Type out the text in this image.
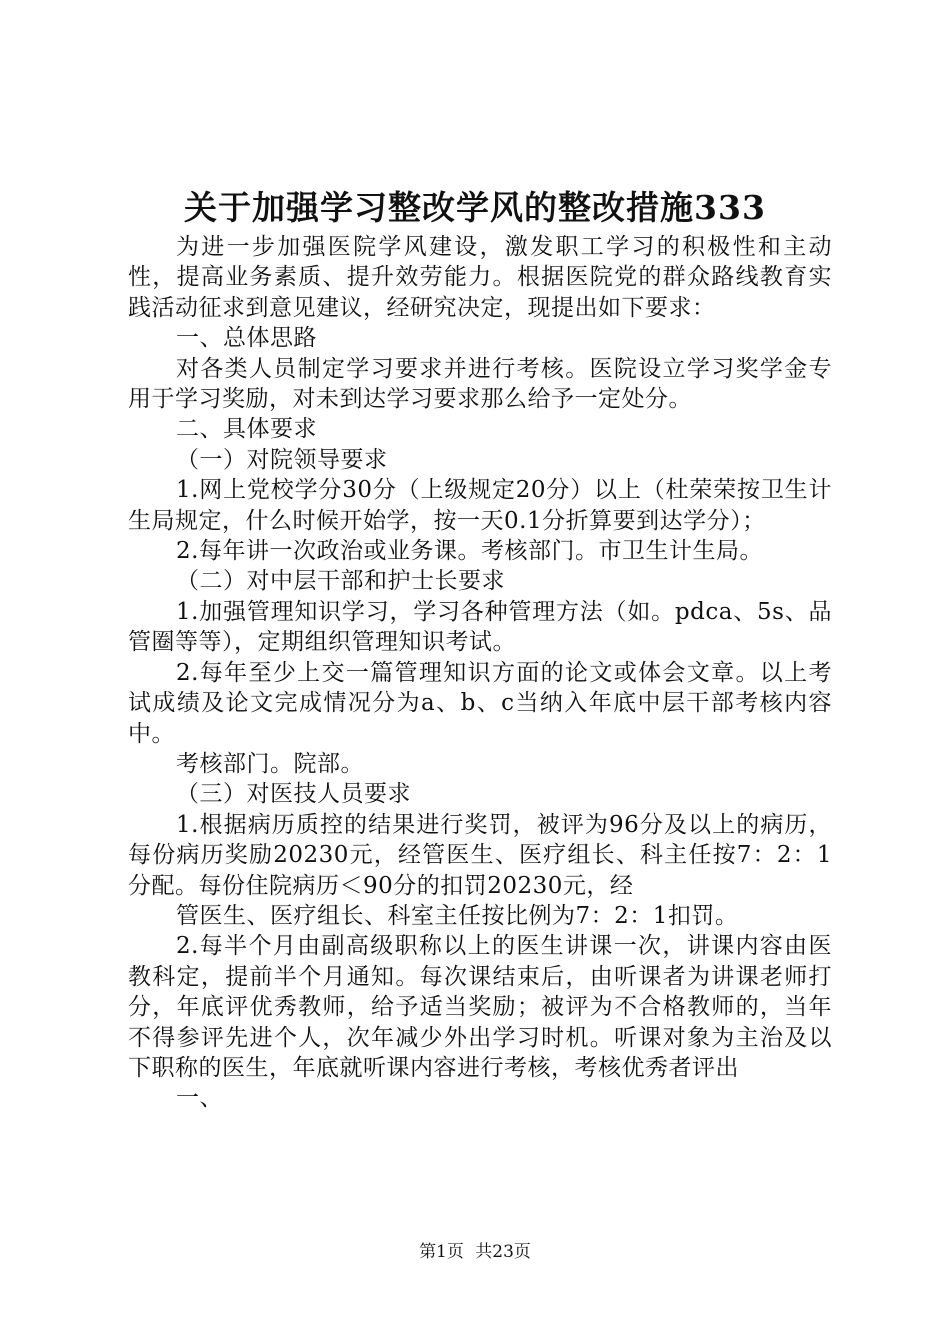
关于加强学习整改学风的整改措施333

为进一步加强医院学风建设，激发职工学习的积极性和主动性，提高业务素质、提升效劳能力。根据医院党的群众路线教育实践活动征求到意见建议，经研究决定，现提出如下要求：

一、总体思路

对各类人员制定学习要求并进行考核。医院设立学习奖学金专用于学习奖励，对未到达学习要求那么给予一定处分。

二、具体要求

（一）对院领导要求

1.网上党校学分30分（上级规定20分）以上（杜荣荣按卫生计生局规定，什么时候开始学，按一天0.1分折算要到达学分）；

2.每年讲一次政治或业务课。考核部门。市卫生计生局。

（二）对中层干部和护士长要求

1.加强管理知识学习，学习各种管理方法（如。pdca、5s、品管圈等等），定期组织管理知识考试。

2.每年至少上交一篇管理知识方面的论文或体会文章。以上考试成绩及论文完成情况分为a、b、c当纳入年底中层干部考核内容中。

考核部门。院部。

（三）对医技人员要求

1.根据病历质控的结果进行奖罚，被评为96分及以上的病历，每份病历奖励20230元，经管医生、医疗组长、科主任按7：2：1分配。每份住院病历＜90分的扣罚20230元，经

管医生、医疗组长、科室主任按比例为7：2：1扣罚。

2.每半个月由副高级职称以上的医生讲课一次，讲课内容由医教科定，提前半个月通知。每次课结束后，由听课者为讲课老师打分，年底评优秀教师，给予适当奖励；被评为不合格教师的，当年不得参评先进个人，次年减少外出学习时机。听课对象为主治及以下职称的医生，年底就听课内容进行考核，考核优秀者评出

一、

第1页 共23页
